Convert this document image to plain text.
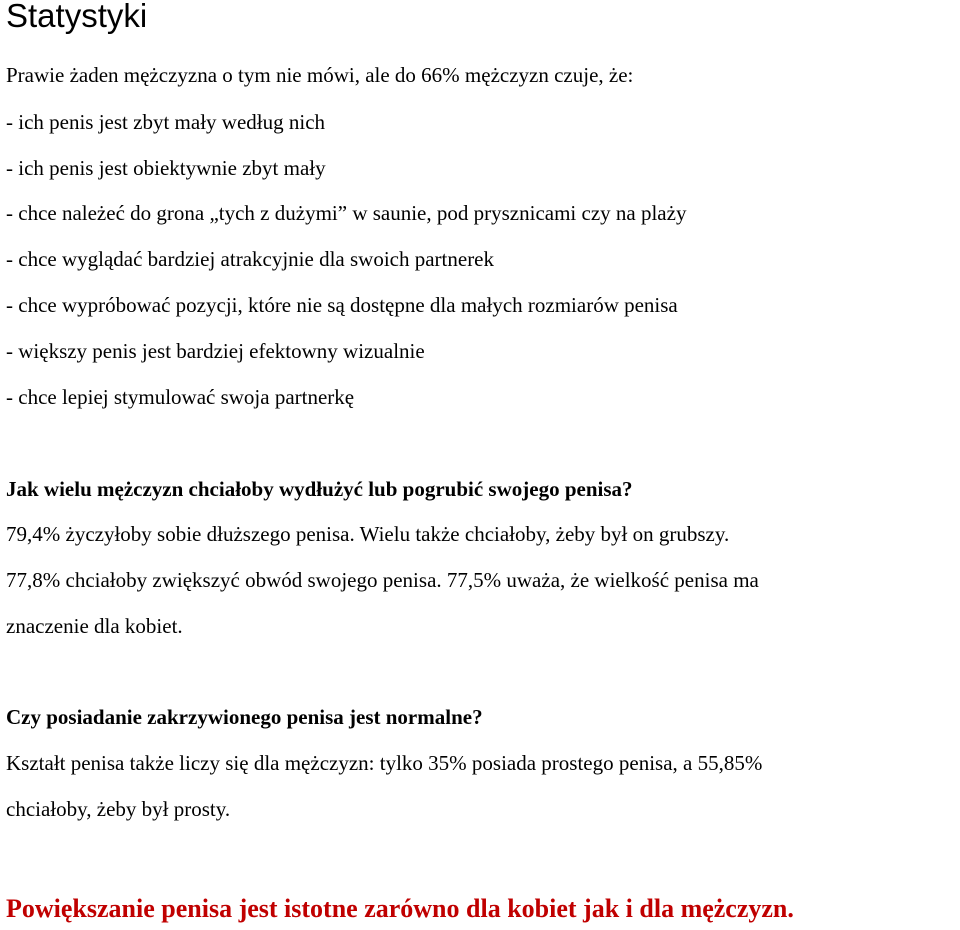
Statystyki

Prawie żaden mężczyzna o tym nie mówi, ale do 66% mężczyzn czuje, że:

- ich penis jest zbyt mały według nich

- ich penis jest obiektywnie zbyt mały

- chce należeć do grona „tych z dużymi” w saunie, pod prysznicami czy na plaży

- chce wyglądać bardziej atrakcyjnie dla swoich partnerek

- chce wypróbować pozycji, które nie są dostępne dla małych rozmiarów penisa

- większy penis jest bardziej efektowny wizualnie

- chce lepiej stymulować swoja partnerkę

Jak wielu mężczyzn chciałoby wydłużyć lub pogrubić swojego penisa?

79,4% życzyłoby sobie dłuższego penisa. Wielu także chciałoby, żeby był on grubszy.

77,8% chciałoby zwiększyć obwód swojego penisa. 77,5% uważa, że wielkość penisa ma

znaczenie dla kobiet.

Czy posiadanie zakrzywionego penisa jest normalne?

Kształt penisa także liczy się dla mężczyzn: tylko 35% posiada prostego penisa, a 55,85%

chciałoby, żeby był prosty.

Powiększanie penisa jest istotne zarówno dla kobiet jak i dla mężczyzn.
